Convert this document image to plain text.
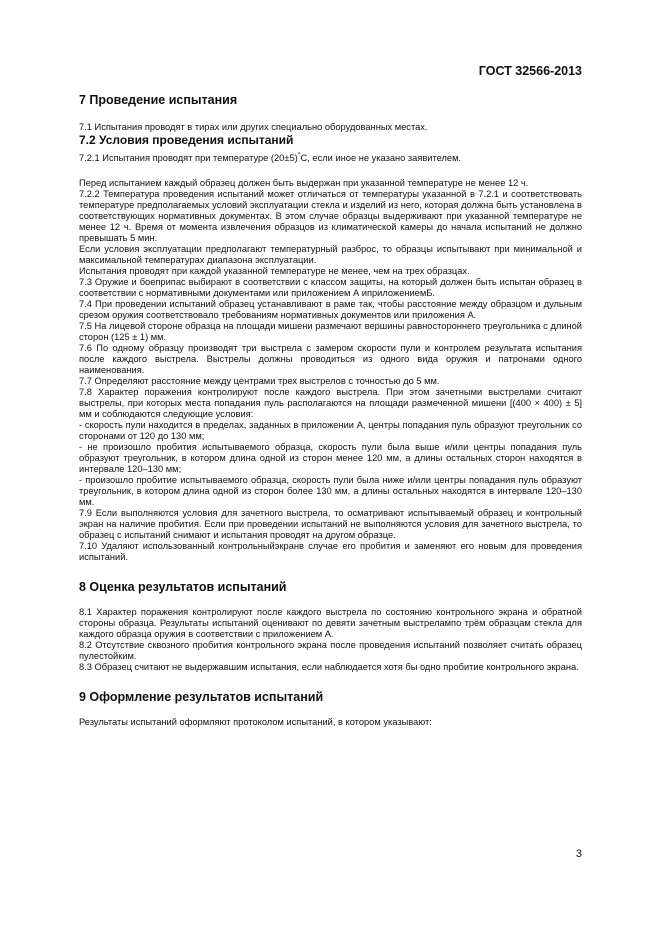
ГОСТ 32566-2013
7 Проведение испытания

7.1 Испытания проводят в тирах или других специально оборудованных местах.

7.2 Условия проведения испытаний

7.2.1 Испытания проводят при температуре (20±5)°С, если иное не указано заявителем.

Перед испытанием каждый образец должен быть выдержан при указанной температуре не менее 12 ч.

7.2.2 Температура проведения испытаний может отличаться от температуры указанной в 7.2.1 и соответствовать температуре предполагаемых условий эксплуатации стекла и изделий из него, которая должна быть установлена в соответствующих нормативных документах. В этом случае образцы выдерживают при указанной температуре не менее 12 ч. Время от момента извлечения образцов из климатической камеры до начала испытаний не должно превышать 5 мин.

Если условия эксплуатации предполагают температурный разброс, то образцы испытывают при минимальной и максимальной температурах диапазона эксплуатации.

Испытания проводят при каждой указанной температуре не менее, чем на трех образцах.

7.3 Оружие и боеприпас выбирают в соответствии с классом защиты, на который должен быть испытан образец в соответствии с нормативными документами или приложением А иприложениемБ.

7.4 При проведении испытаний образец устанавливают в раме так, чтобы расстояние между образцом и дульным срезом оружия соответствовало требованиям нормативных документов или приложения А.

7.5 На лицевой стороне образца на площади мишени размечают вершины равностороннего треугольника с длиной сторон (125 ± 1) мм.

7.6 По одному образцу производят три выстрела с замером скорости пули и контролем результата испытания после каждого выстрела. Выстрелы должны проводиться из одного вида оружия и патронами одного наименования.

7.7 Определяют расстояние между центрами трех выстрелов с точностью до 5 мм.

7.8 Характер поражения контролируют после каждого выстрела. При этом зачетными выстрелами считают выстрелы, при которых места попадания пуль располагаются на площади размеченной мишени [(400 × 400) ± 5] мм и соблюдаются следующие условия:

- скорость пули находится в пределах, заданных в приложении А, центры попадания пуль образуют треугольник со сторонами от 120 до 130 мм;

- не произошло пробития испытываемого образца, скорость пули была выше и/или центры попадания пуль образуют треугольник, в котором длина одной из сторон менее 120 мм, а длины остальных сторон находятся в интервале 120–130 мм;

- произошло пробитие испытываемого образца, скорость пули была ниже и/или центры попадания пуль образуют треугольник, в котором длина одной из сторон более 130 мм, а длины остальных находятся в интервале 120–130 мм.

7.9 Если выполняются условия для зачетного выстрела, то осматривают испытываемый образец и контрольный экран на наличие пробития. Если при проведении испытаний не выполняются условия для зачетного выстрела, то образец с испытаний снимают и испытания проводят на другом образце.

7.10 Удаляют использованный контрольныйэкранв случае его пробития и заменяют его новым для проведения испытаний.

8 Оценка результатов испытаний

8.1 Характер поражения контролируют после каждого выстрела по состоянию контрольного экрана и обратной стороны образца. Результаты испытаний оценивают по девяти зачетным выстрелампо трём образцам стекла для каждого образца оружия в соответствии с приложением А.

8.2 Отсутствие сквозного пробития контрольного экрана после проведения испытаний позволяет считать образец пулестойким.

8.3 Образец считают не выдержавшим испытания, если наблюдается хотя бы одно пробитие контрольного экрана.

9 Оформление результатов испытаний

Результаты испытаний оформляют протоколом испытаний, в котором указывают:

3
